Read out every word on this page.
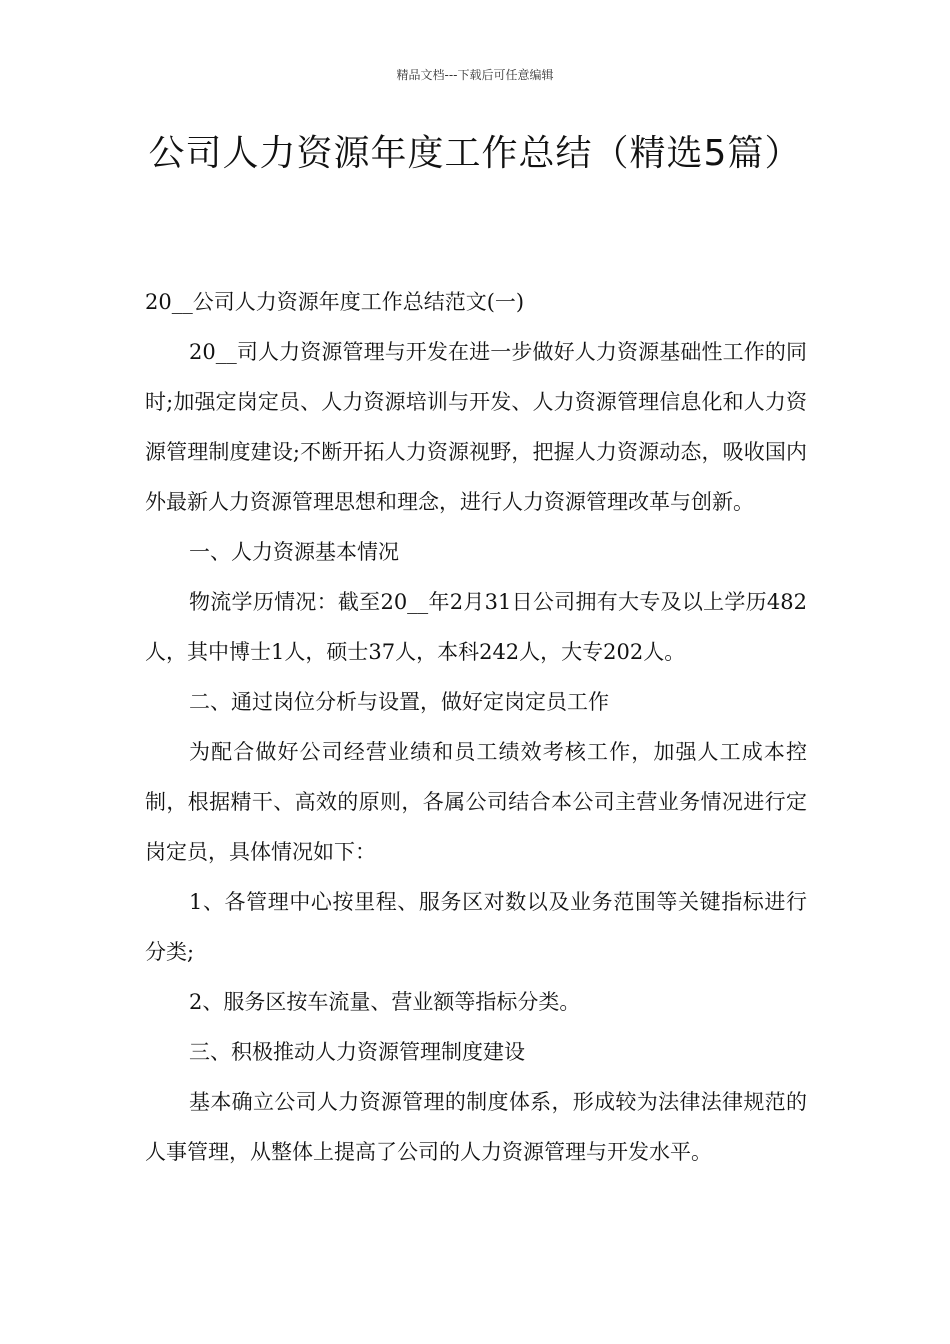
精品文档---下载后可任意编辑
公司人力资源年度工作总结（精选5篇）

20__公司人力资源年度工作总结范文(一)

20__司人力资源管理与开发在进一步做好人力资源基础性工作的同时;加强定岗定员、人力资源培训与开发、人力资源管理信息化和人力资源管理制度建设;不断开拓人力资源视野，把握人力资源动态，吸收国内外最新人力资源管理思想和理念，进行人力资源管理改革与创新。

一、人力资源基本情况

物流学历情况：截至20__年2月31日公司拥有大专及以上学历482人，其中博士1人，硕士37人，本科242人，大专202人。

二、通过岗位分析与设置，做好定岗定员工作

为配合做好公司经营业绩和员工绩效考核工作，加强人工成本控制，根据精干、高效的原则，各属公司结合本公司主营业务情况进行定岗定员，具体情况如下：

1、各管理中心按里程、服务区对数以及业务范围等关键指标进行分类;

2、服务区按车流量、营业额等指标分类。

三、积极推动人力资源管理制度建设

基本确立公司人力资源管理的制度体系，形成较为法律法律规范的人事管理，从整体上提高了公司的人力资源管理与开发水平。
